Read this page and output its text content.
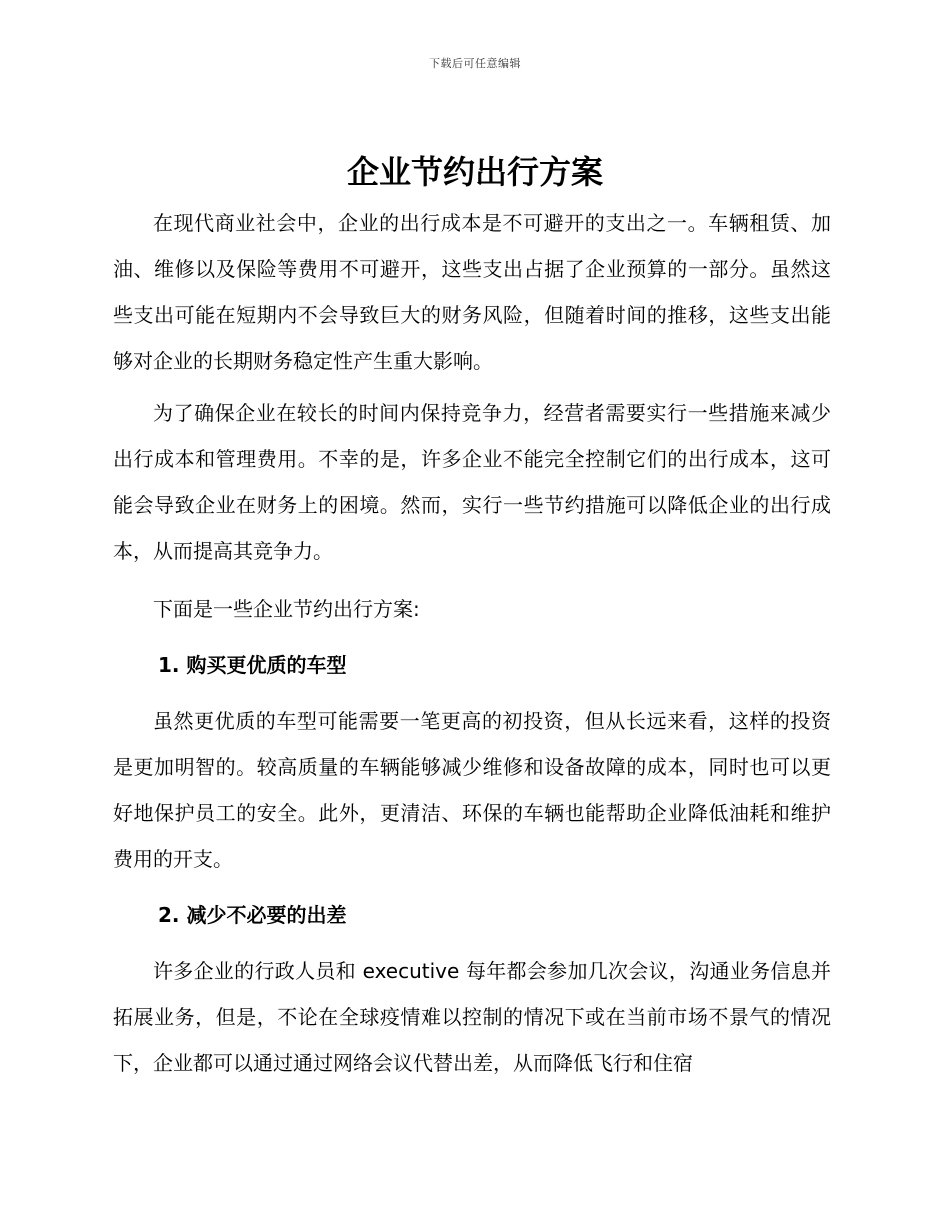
下载后可任意编辑
企业节约出行方案

在现代商业社会中，企业的出行成本是不可避开的支出之一。车辆租赁、加油、维修以及保险等费用不可避开，这些支出占据了企业预算的一部分。虽然这些支出可能在短期内不会导致巨大的财务风险，但随着时间的推移，这些支出能够对企业的长期财务稳定性产生重大影响。

为了确保企业在较长的时间内保持竞争力，经营者需要实行一些措施来减少出行成本和管理费用。不幸的是，许多企业不能完全控制它们的出行成本，这可能会导致企业在财务上的困境。然而，实行一些节约措施可以降低企业的出行成本，从而提高其竞争力。

下面是一些企业节约出行方案:

1. 购买更优质的车型

虽然更优质的车型可能需要一笔更高的初投资，但从长远来看，这样的投资是更加明智的。较高质量的车辆能够减少维修和设备故障的成本，同时也可以更好地保护员工的安全。此外，更清洁、环保的车辆也能帮助企业降低油耗和维护费用的开支。

2. 减少不必要的出差

许多企业的行政人员和 executive 每年都会参加几次会议，沟通业务信息并拓展业务，但是，不论在全球疫情难以控制的情况下或在当前市场不景气的情况下，企业都可以通过通过网络会议代替出差，从而降低飞行和住宿
